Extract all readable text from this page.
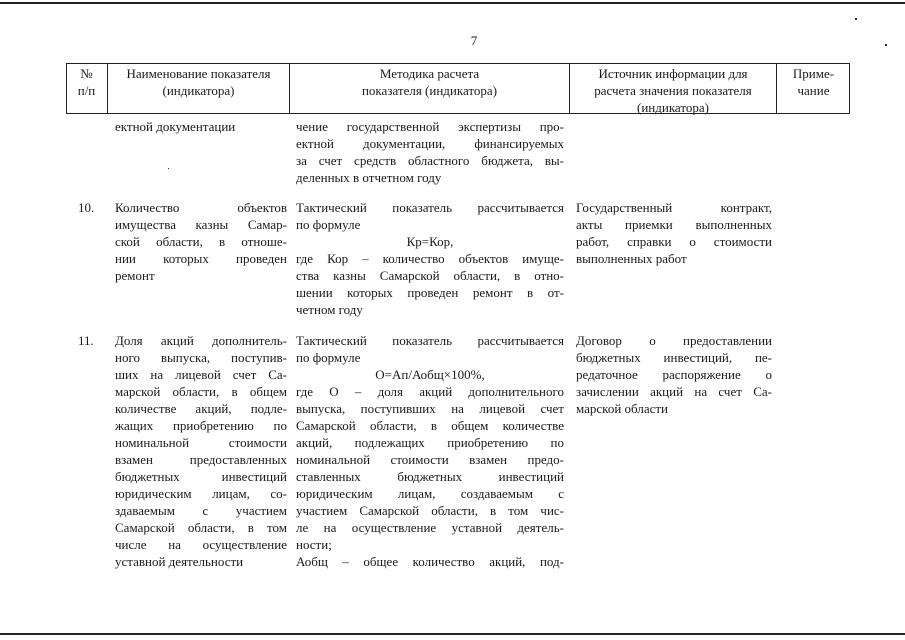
7
№
п/п
Наименование показателя
(индикатора)
Методика расчета
показателя (индикатора)
Источник информации для
расчета значения показателя
(индикатора)
Приме-
чание
ектной документации	чение государственной экспертизы про-
ектной документации, финансируемых
за счет средств областного бюджета, вы-
деленных в отчетном году
10. Количество объектов
имущества казны Самар-
ской области, в отноше-
нии которых проведен
ремонт
Тактический показатель рассчитывается
по формуле
Кр=Кор,
где Кор – количество объектов имуще-
ства казны Самарской области, в отно-
шении которых проведен ремонт в от-
четном году
Государственный контракт,
акты приемки выполненных
работ, справки о стоимости
выполненных работ
11. Доля акций дополнитель-
ного выпуска, поступив-
ших на лицевой счет Са-
марской области, в общем
количестве акций, подле-
жащих приобретению по
номинальной стоимости
взамен предоставленных
бюджетных инвестиций
юридическим лицам, со-
здаваемым с участием
Самарской области, в том
числе на осуществление
уставной деятельности
Тактический показатель рассчитывается
по формуле
О=Ап/Аобщ×100%,
где О – доля акций дополнительного
выпуска, поступивших на лицевой счет
Самарской области, в общем количестве
акций, подлежащих приобретению по
номинальной стоимости взамен предо-
ставленных бюджетных инвестиций
юридическим лицам, создаваемым с
участием Самарской области, в том чис-
ле на осуществление уставной деятель-
ности;
Аобщ – общее количество акций, под-
Договор о предоставлении
бюджетных инвестиций, пе-
редаточное распоряжение о
зачислении акций на счет Са-
марской области
